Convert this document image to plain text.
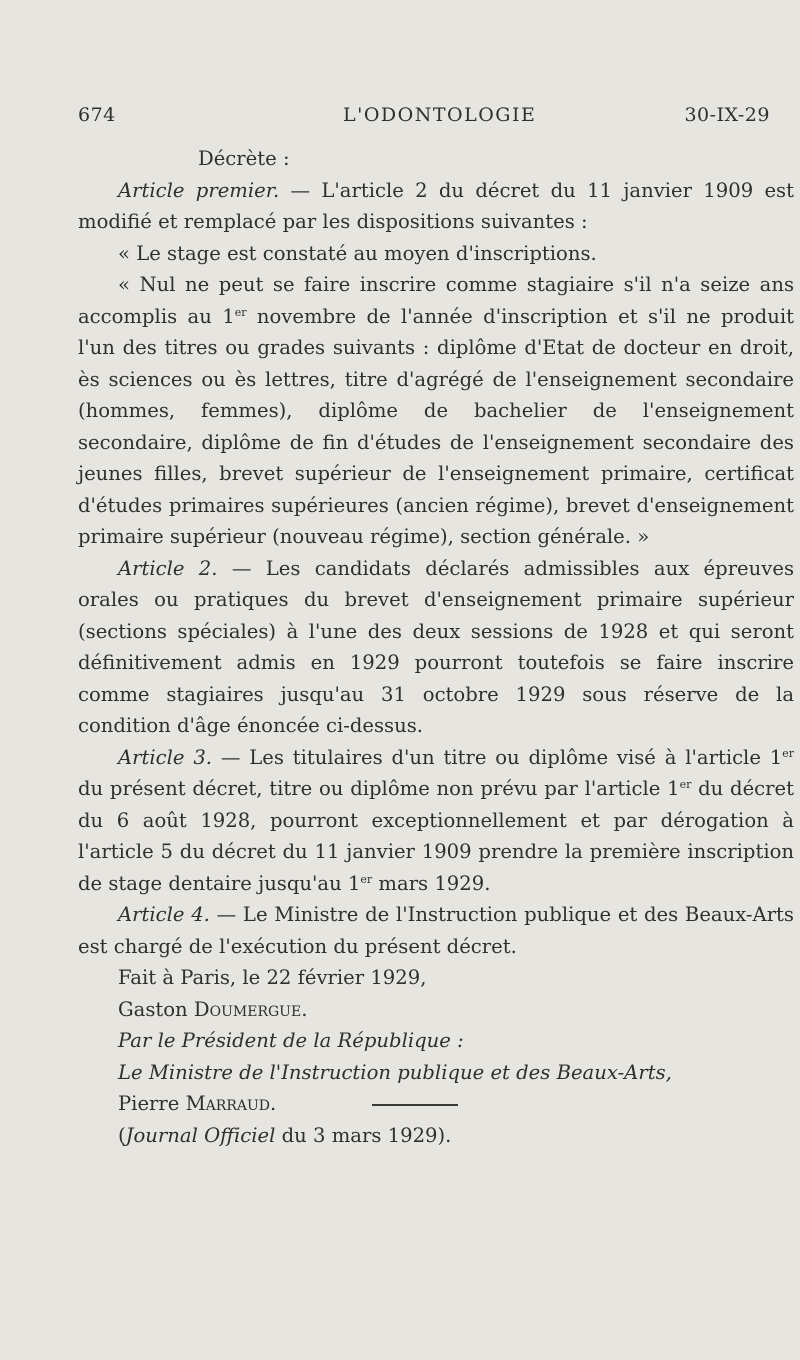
674	L'ODONTOLOGIE	30-IX-29

Décrète :

Article premier. — L'article 2 du décret du 11 janvier 1909 est modifié et remplacé par les dispositions suivantes :

« Le stage est constaté au moyen d'inscriptions.

« Nul ne peut se faire inscrire comme stagiaire s'il n'a seize ans accomplis au 1er novembre de l'année d'inscription et s'il ne produit l'un des titres ou grades suivants : diplôme d'Etat de docteur en droit, ès sciences ou ès lettres, titre d'agrégé de l'enseignement secondaire (hommes, femmes), diplôme de bachelier de l'enseignement secondaire, diplôme de fin d'études de l'enseignement secondaire des jeunes filles, brevet supérieur de l'enseignement primaire, certificat d'études primaires supérieures (ancien régime), brevet d'enseignement primaire supérieur (nouveau régime), section générale. »

Article 2. — Les candidats déclarés admissibles aux épreuves orales ou pratiques du brevet d'enseignement primaire supérieur (sections spéciales) à l'une des deux sessions de 1928 et qui seront définitivement admis en 1929 pourront toutefois se faire inscrire comme stagiaires jusqu'au 31 octobre 1929 sous réserve de la condition d'âge énoncée ci-dessus.

Article 3. — Les titulaires d'un titre ou diplôme visé à l'article 1er du présent décret, titre ou diplôme non prévu par l'article 1er du décret du 6 août 1928, pourront exceptionnellement et par dérogation à l'article 5 du décret du 11 janvier 1909 prendre la première inscription de stage dentaire jusqu'au 1er mars 1929.

Article 4. — Le Ministre de l'Instruction publique et des Beaux-Arts est chargé de l'exécution du présent décret.

Fait à Paris, le 22 février 1929,

Gaston Doumergue.

Par le Président de la République :

Le Ministre de l'Instruction publique et des Beaux-Arts,

Pierre Marraud.

(Journal Officiel du 3 mars 1929).
